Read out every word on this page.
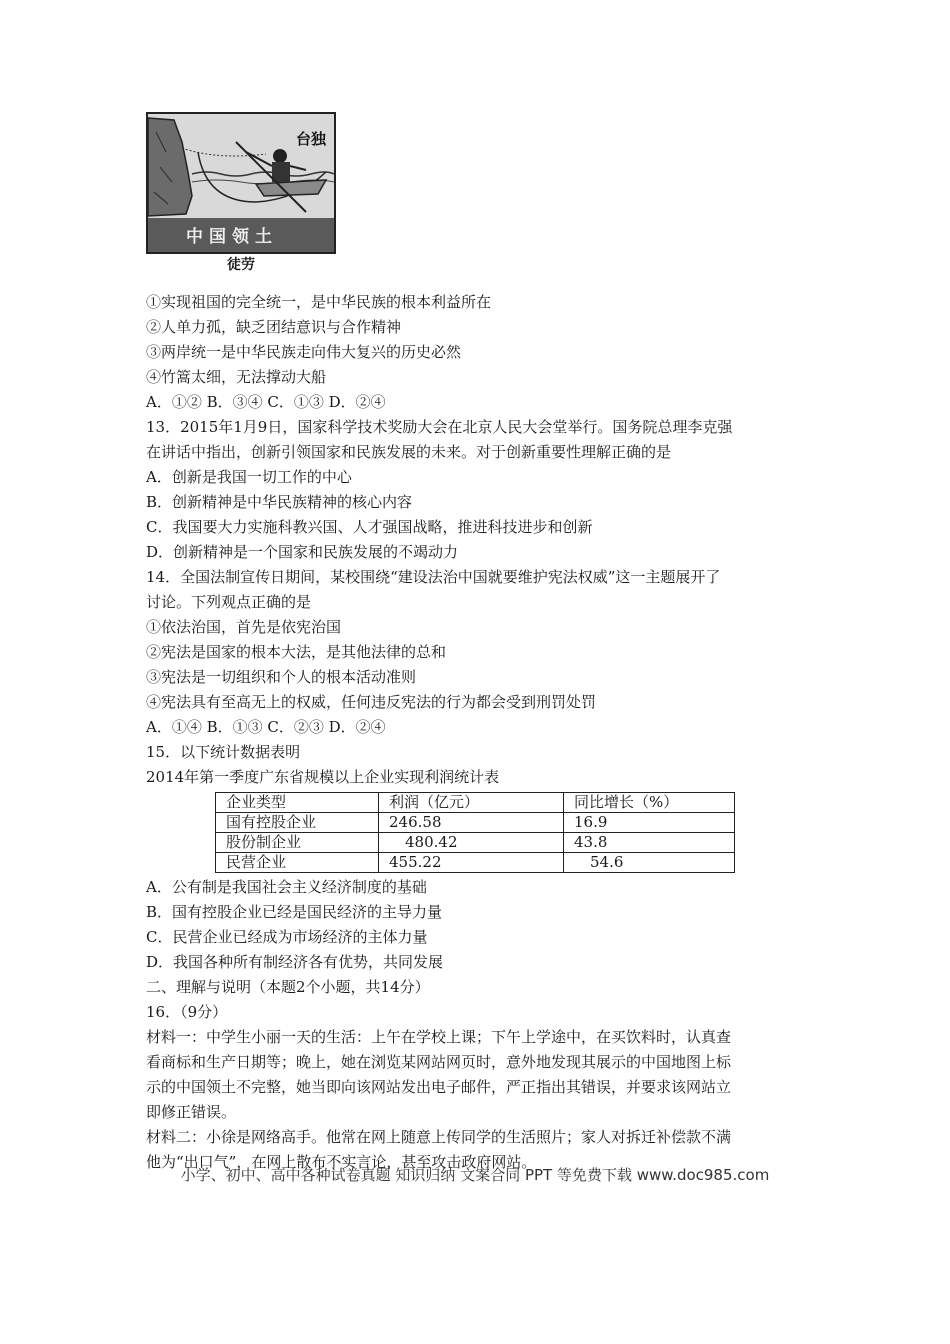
台独
中国领土
徒劳
①实现祖国的完全统一，是中华民族的根本利益所在
②人单力孤，缺乏团结意识与合作精神
③两岸统一是中华民族走向伟大复兴的历史必然
④竹篙太细，无法撑动大船
A．①② B．③④ C．①③ D．②④
13．2015年1月9日，国家科学技术奖励大会在北京人民大会堂举行。国务院总理李克强
在讲话中指出，创新引领国家和民族发展的未来。对于创新重要性理解正确的是
A．创新是我国一切工作的中心
B．创新精神是中华民族精神的核心内容
C．我国要大力实施科教兴国、人才强国战略，推进科技进步和创新
D．创新精神是一个国家和民族发展的不竭动力
14．全国法制宣传日期间，某校围绕“建设法治中国就要维护宪法权威”这一主题展开了
讨论。下列观点正确的是
①依法治国，首先是依宪治国
②宪法是国家的根本大法，是其他法律的总和
③宪法是一切组织和个人的根本活动准则
④宪法具有至高无上的权威，任何违反宪法的行为都会受到刑罚处罚
A．①④ B．①③ C．②③ D．②④
15．以下统计数据表明
2014年第一季度广东省规模以上企业实现利润统计表
企业类型	利润（亿元）	同比增长（%）
国有控股企业	246.58	16.9
股份制企业	480.42	43.8
民营企业	455.22	54.6
A．公有制是我国社会主义经济制度的基础
B．国有控股企业已经是国民经济的主导力量
C．民营企业已经成为市场经济的主体力量
D．我国各种所有制经济各有优势，共同发展
二、理解与说明（本题2个小题，共14分）
16．（9分）
材料一：中学生小丽一天的生活：上午在学校上课；下午上学途中，在买饮料时，认真查
看商标和生产日期等；晚上，她在浏览某网站网页时，意外地发现其展示的中国地图上标
示的中国领土不完整，她当即向该网站发出电子邮件，严正指出其错误，并要求该网站立
即修正错误。
材料二：小徐是网络高手。他常在网上随意上传同学的生活照片；家人对拆迁补偿款不满
他为“出口气”，在网上散布不实言论，甚至攻击政府网站。
小学、初中、高中各种试卷真题 知识归纳 文案合同 PPT 等免费下载 www.doc985.com
